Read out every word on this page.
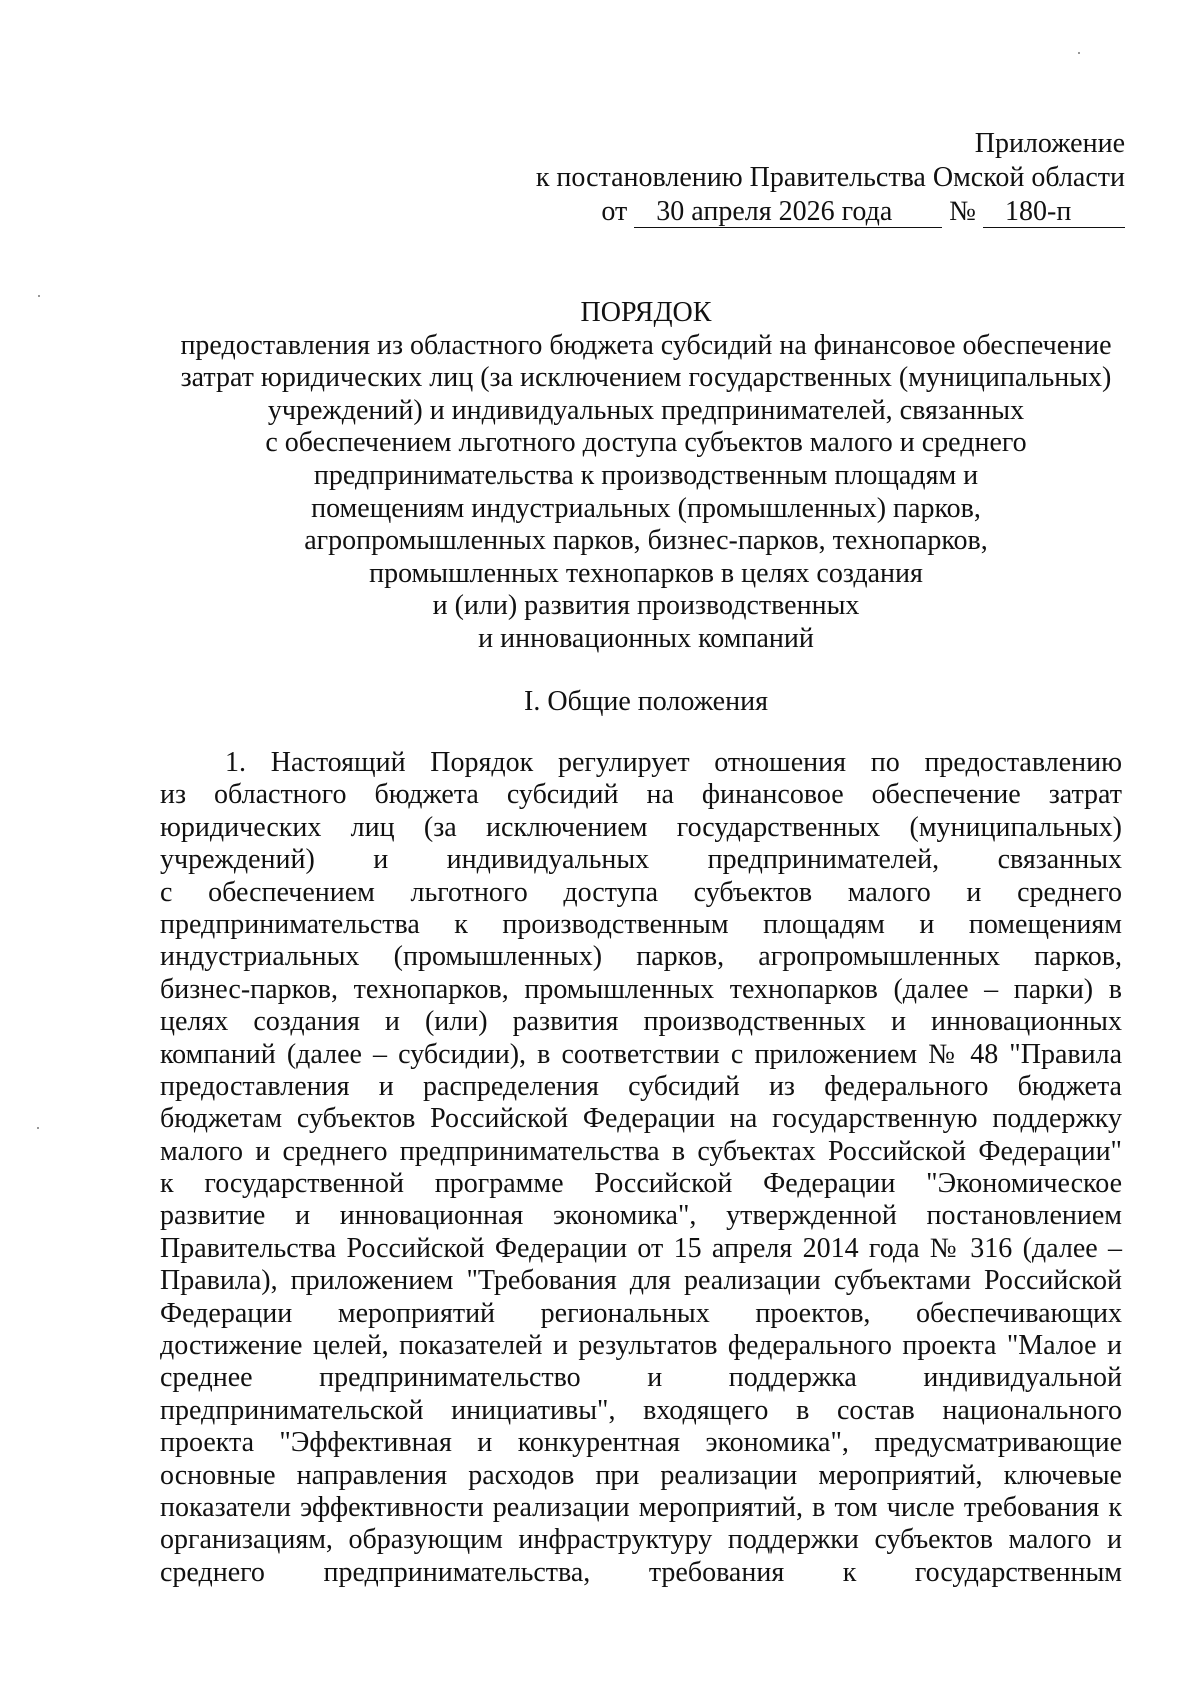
Приложение
к постановлению Правительства Омской области
от 30 апреля 2026 года № 180-п
ПОРЯДОК
предоставления из областного бюджета субсидий на финансовое обеспечение
затрат юридических лиц (за исключением государственных (муниципальных)
учреждений) и индивидуальных предпринимателей, связанных
с обеспечением льготного доступа субъектов малого и среднего
предпринимательства к производственным площадям и
помещениям индустриальных (промышленных) парков,
агропромышленных парков, бизнес-парков, технопарков,
промышленных технопарков в целях создания
и (или) развития производственных
и инновационных компаний
I. Общие положения
1. Настоящий Порядок регулирует отношения по предоставлению
из областного бюджета субсидий на финансовое обеспечение затрат
юридических лиц (за исключением государственных (муниципальных)
учреждений) и индивидуальных предпринимателей, связанных
с обеспечением льготного доступа субъектов малого и среднего
предпринимательства к производственным площадям и помещениям
индустриальных (промышленных) парков, агропромышленных парков,
бизнес-парков, технопарков, промышленных технопарков (далее – парки) в
целях создания и (или) развития производственных и инновационных
компаний (далее – субсидии), в соответствии с приложением № 48 "Правила
предоставления и распределения субсидий из федерального бюджета
бюджетам субъектов Российской Федерации на государственную поддержку
малого и среднего предпринимательства в субъектах Российской Федерации"
к государственной программе Российской Федерации "Экономическое
развитие и инновационная экономика", утвержденной постановлением
Правительства Российской Федерации от 15 апреля 2014 года № 316 (далее –
Правила), приложением "Требования для реализации субъектами Российской
Федерации мероприятий региональных проектов, обеспечивающих
достижение целей, показателей и результатов федерального проекта "Малое и
среднее предпринимательство и поддержка индивидуальной
предпринимательской инициативы", входящего в состав национального
проекта "Эффективная и конкурентная экономика", предусматривающие
основные направления расходов при реализации мероприятий, ключевые
показатели эффективности реализации мероприятий, в том числе требования к
организациям, образующим инфраструктуру поддержки субъектов малого и
среднего предпринимательства, требования к государственным
